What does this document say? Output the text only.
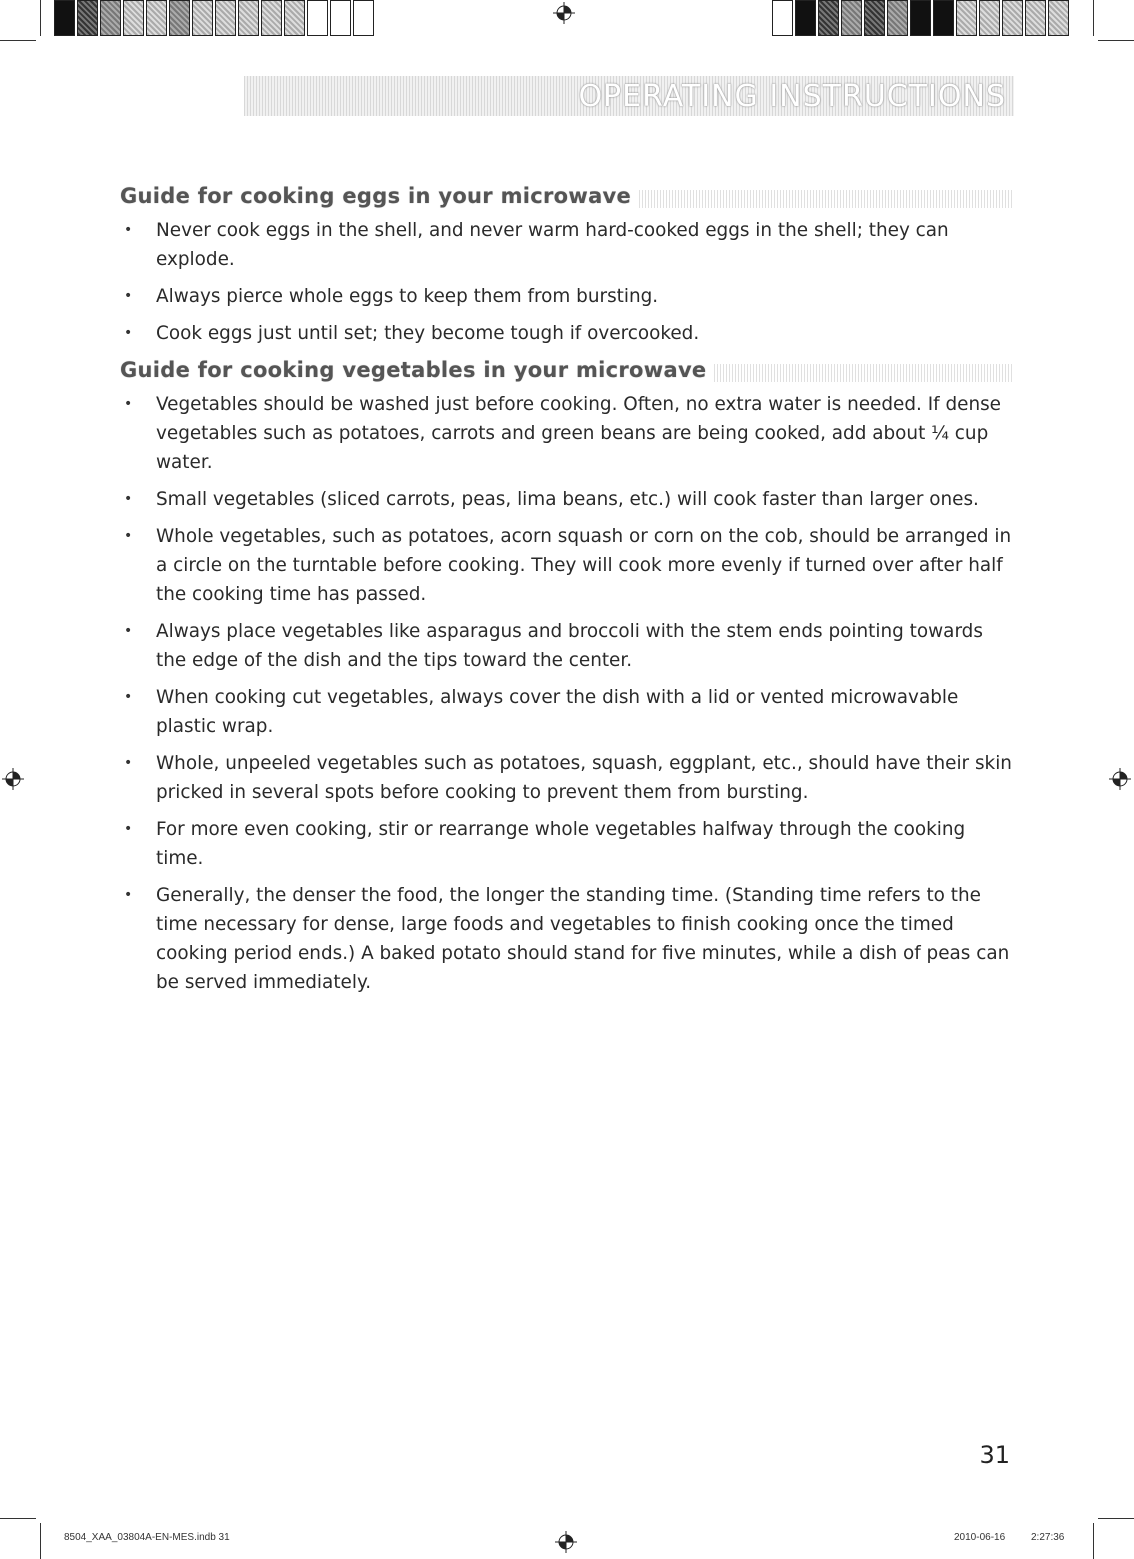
OPERATING INSTRUCTIONS
Guide for cooking eggs in your microwave
• Never cook eggs in the shell, and never warm hard-cooked eggs in the shell; they can explode.
• Always pierce whole eggs to keep them from bursting.
• Cook eggs just until set; they become tough if overcooked.
Guide for cooking vegetables in your microwave
• Vegetables should be washed just before cooking. Often, no extra water is needed. If dense vegetables such as potatoes, carrots and green beans are being cooked, add about ¼ cup water.
• Small vegetables (sliced carrots, peas, lima beans, etc.) will cook faster than larger ones.
• Whole vegetables, such as potatoes, acorn squash or corn on the cob, should be arranged in a circle on the turntable before cooking. They will cook more evenly if turned over after half the cooking time has passed.
• Always place vegetables like asparagus and broccoli with the stem ends pointing towards the edge of the dish and the tips toward the center.
• When cooking cut vegetables, always cover the dish with a lid or vented microwavable plastic wrap.
• Whole, unpeeled vegetables such as potatoes, squash, eggplant, etc., should have their skin pricked in several spots before cooking to prevent them from bursting.
• For more even cooking, stir or rearrange whole vegetables halfway through the cooking time.
• Generally, the denser the food, the longer the standing time. (Standing time refers to the time necessary for dense, large foods and vegetables to finish cooking once the timed cooking period ends.) A baked potato should stand for five minutes, while a dish of peas can be served immediately.
31
8504_XAA_03804A-EN-MES.indb 31	2010-06-16	2:27:36
